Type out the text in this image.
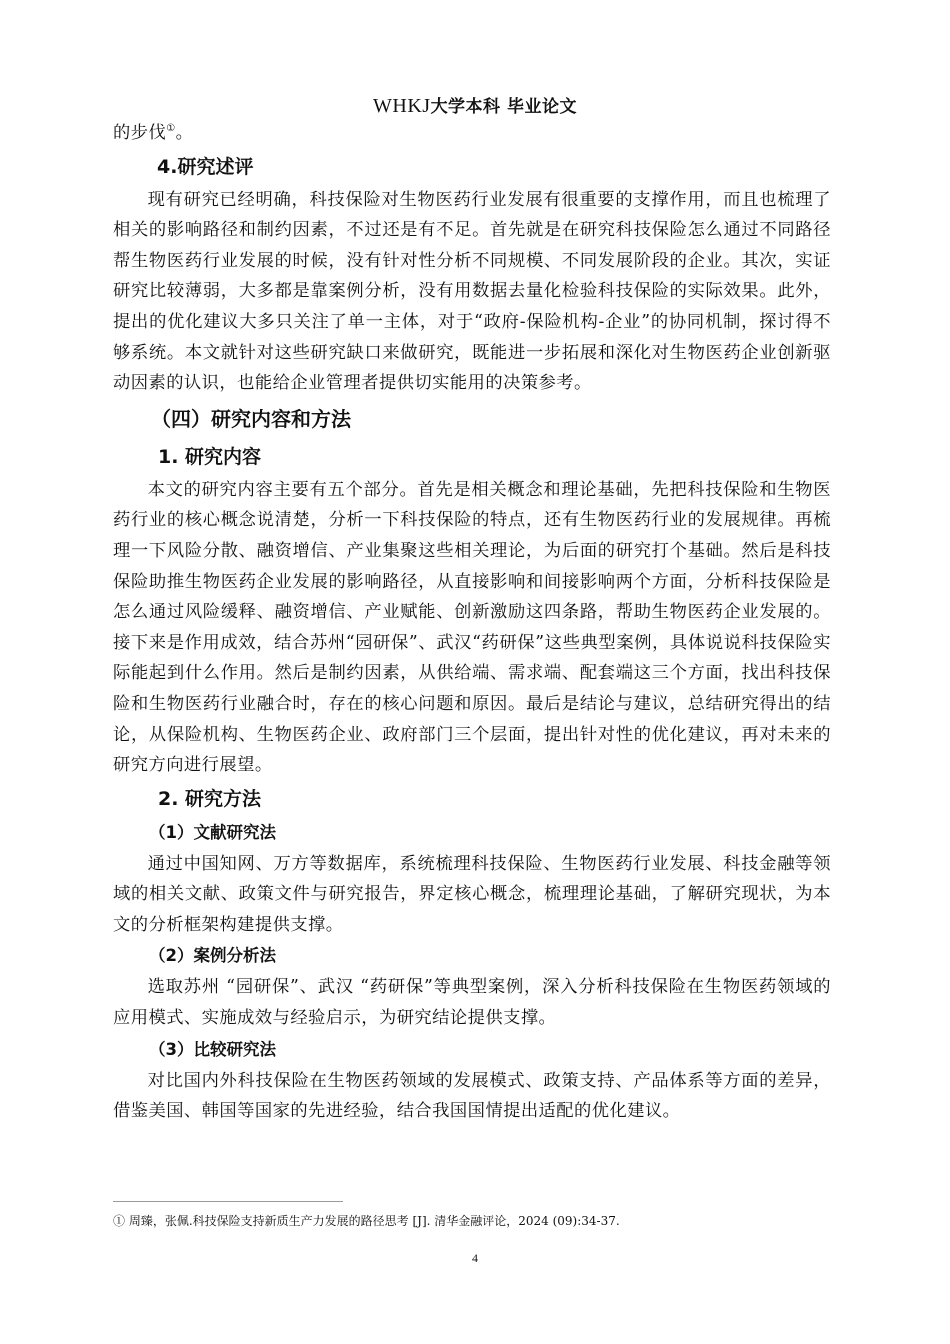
WHKJ大学本科 毕业论文

的步伐①。

4.研究述评

现有研究已经明确，科技保险对生物医药行业发展有很重要的支撑作用，而且也梳理了相关的影响路径和制约因素，不过还是有不足。首先就是在研究科技保险怎么通过不同路径帮生物医药行业发展的时候，没有针对性分析不同规模、不同发展阶段的企业。其次，实证研究比较薄弱，大多都是靠案例分析，没有用数据去量化检验科技保险的实际效果。此外，提出的优化建议大多只关注了单一主体，对于“政府-保险机构-企业”的协同机制，探讨得不够系统。本文就针对这些研究缺口来做研究，既能进一步拓展和深化对生物医药企业创新驱动因素的认识，也能给企业管理者提供切实能用的决策参考。

（四）研究内容和方法
1. 研究内容

本文的研究内容主要有五个部分。首先是相关概念和理论基础，先把科技保险和生物医药行业的核心概念说清楚，分析一下科技保险的特点，还有生物医药行业的发展规律。再梳理一下风险分散、融资增信、产业集聚这些相关理论，为后面的研究打个基础。然后是科技保险助推生物医药企业发展的影响路径，从直接影响和间接影响两个方面，分析科技保险是怎么通过风险缓释、融资增信、产业赋能、创新激励这四条路，帮助生物医药企业发展的。接下来是作用成效，结合苏州“园研保”、武汉“药研保”这些典型案例，具体说说科技保险实际能起到什么作用。然后是制约因素，从供给端、需求端、配套端这三个方面，找出科技保险和生物医药行业融合时，存在的核心问题和原因。最后是结论与建议，总结研究得出的结论，从保险机构、生物医药企业、政府部门三个层面，提出针对性的优化建议，再对未来的研究方向进行展望。

2. 研究方法
（1）文献研究法

通过中国知网、万方等数据库，系统梳理科技保险、生物医药行业发展、科技金融等领域的相关文献、政策文件与研究报告，界定核心概念，梳理理论基础，了解研究现状，为本文的分析框架构建提供支撑。

（2）案例分析法

选取苏州 “园研保”、武汉 “药研保”等典型案例，深入分析科技保险在生物医药领域的应用模式、实施成效与经验启示，为研究结论提供支撑。

（3）比较研究法

对比国内外科技保险在生物医药领域的发展模式、政策支持、产品体系等方面的差异，借鉴美国、韩国等国家的先进经验，结合我国国情提出适配的优化建议。

① 周臻，张佩.科技保险支持新质生产力发展的路径思考 [J]. 清华金融评论，2024 (09):34-37.
4
